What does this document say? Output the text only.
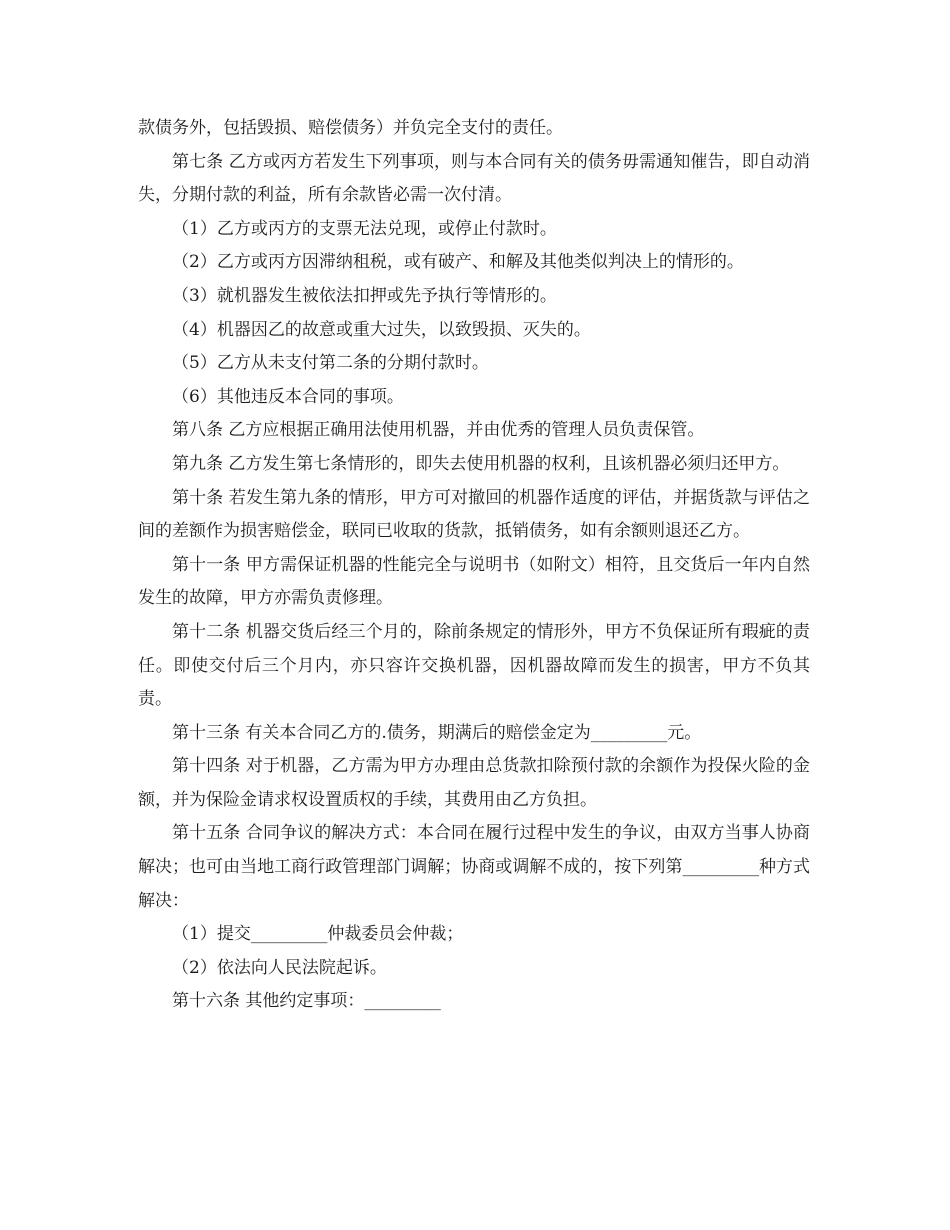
款债务外，包括毁损、赔偿债务）并负完全支付的责任。

第七条 乙方或丙方若发生下列事项，则与本合同有关的债务毋需通知催告，即自动消失，分期付款的利益，所有余款皆必需一次付清。

（1）乙方或丙方的支票无法兑现，或停止付款时。

（2）乙方或丙方因滞纳租税，或有破产、和解及其他类似判决上的情形的。

（3）就机器发生被依法扣押或先予执行等情形的。

（4）机器因乙的故意或重大过失，以致毁损、灭失的。

（5）乙方从未支付第二条的分期付款时。

（6）其他违反本合同的事项。

第八条 乙方应根据正确用法使用机器，并由优秀的管理人员负责保管。

第九条 乙方发生第七条情形的，即失去使用机器的权利，且该机器必须归还甲方。

第十条 若发生第九条的情形，甲方可对撤回的机器作适度的评估，并据货款与评估之间的差额作为损害赔偿金，联同已收取的货款，抵销债务，如有余额则退还乙方。

第十一条 甲方需保证机器的性能完全与说明书（如附文）相符，且交货后一年内自然发生的故障，甲方亦需负责修理。

第十二条 机器交货后经三个月的，除前条规定的情形外，甲方不负保证所有瑕疵的责任。即使交付后三个月内，亦只容许交换机器，因机器故障而发生的损害，甲方不负其责。

第十三条 有关本合同乙方的.债务，期满后的赔偿金定为_________元。

第十四条 对于机器，乙方需为甲方办理由总货款扣除预付款的余额作为投保火险的金额，并为保险金请求权设置质权的手续，其费用由乙方负担。

第十五条 合同争议的解决方式：本合同在履行过程中发生的争议，由双方当事人协商解决；也可由当地工商行政管理部门调解；协商或调解不成的，按下列第_________种方式解决：

（1）提交_________仲裁委员会仲裁；

（2）依法向人民法院起诉。

第十六条 其他约定事项：_________
